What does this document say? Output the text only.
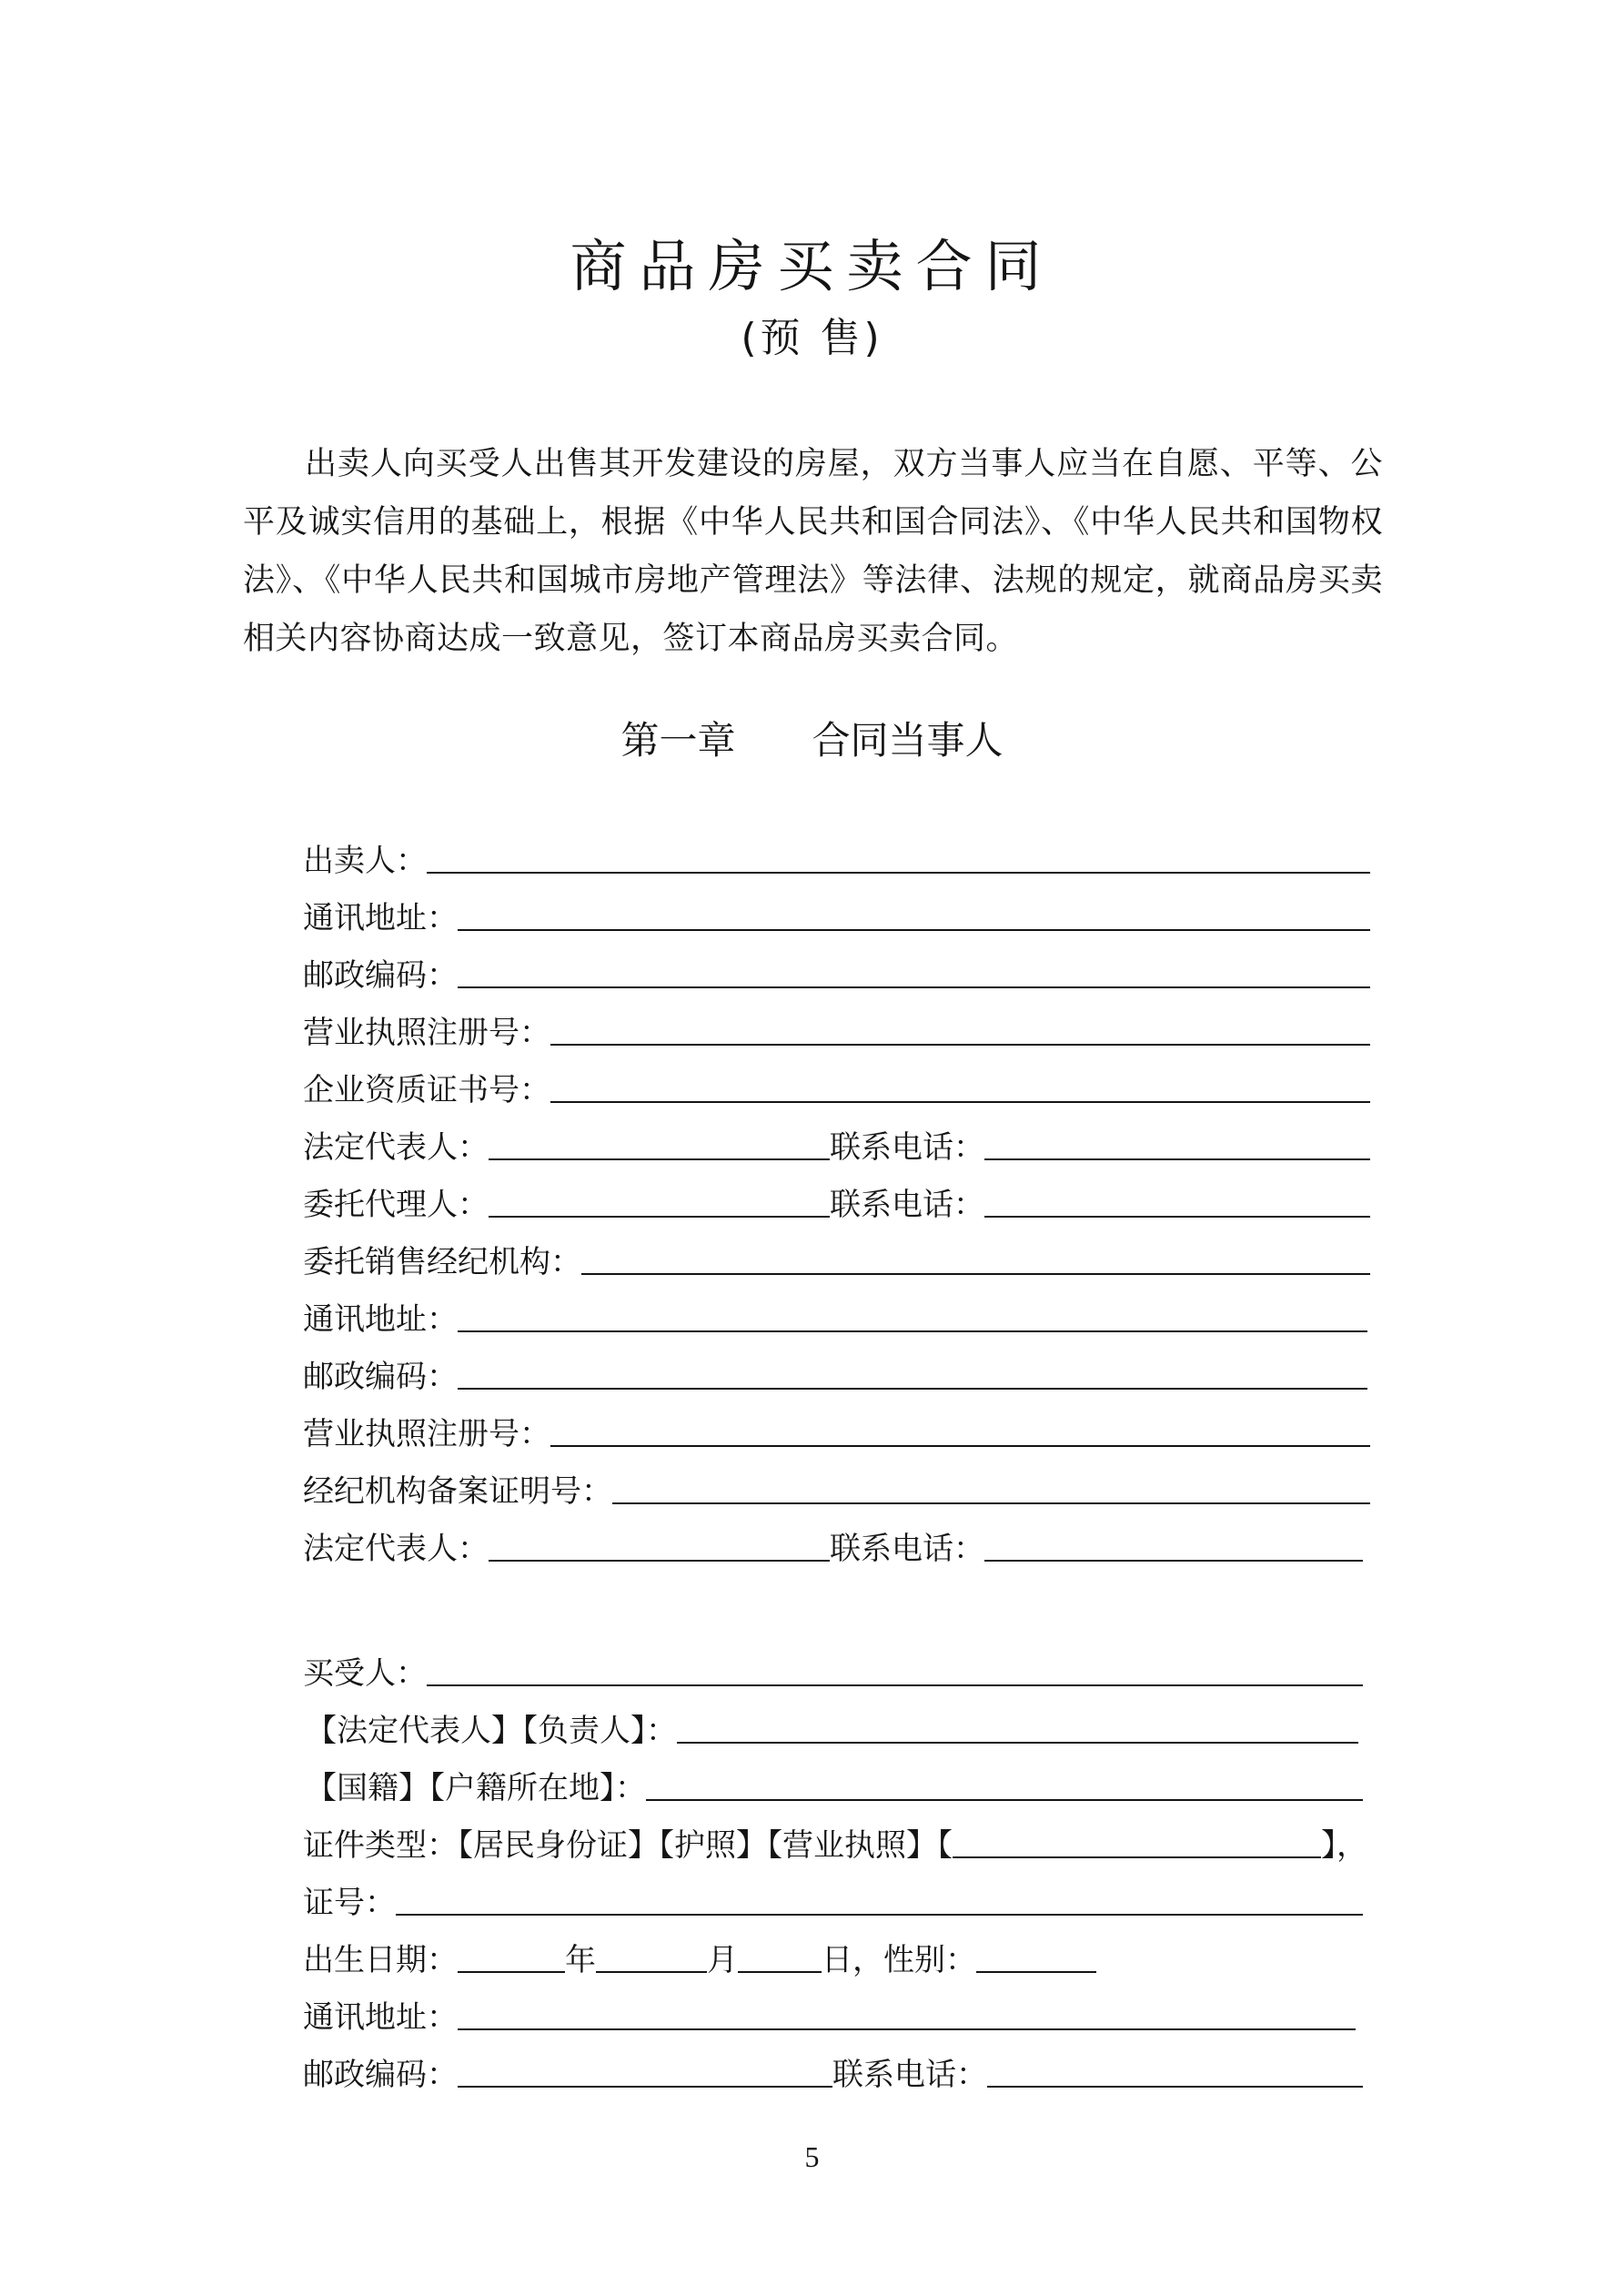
商品房买卖合同
(预 售)

出卖人向买受人出售其开发建设的房屋，双方当事人应当在自愿、平等、公平及诚实信用的基础上，根据《中华人民共和国合同法》、《中华人民共和国物权法》、《中华人民共和国城市房地产管理法》等法律、法规的规定，就商品房买卖相关内容协商达成一致意见，签订本商品房买卖合同。

第一章　　合同当事人
出卖人：
通讯地址：
邮政编码：
营业执照注册号：
企业资质证书号：
法定代表人：	联系电话：
委托代理人：	联系电话：
委托销售经纪机构：
通讯地址：
邮政编码：
营业执照注册号：
经纪机构备案证明号：
法定代表人：	联系电话：
买受人：
【法定代表人】【负责人】：
【国籍】【户籍所在地】：
证件类型：【居民身份证】【护照】【营业执照】【	】，
证号：
出生日期：	年	月	日，性别：
通讯地址：
邮政编码：	联系电话：
5
